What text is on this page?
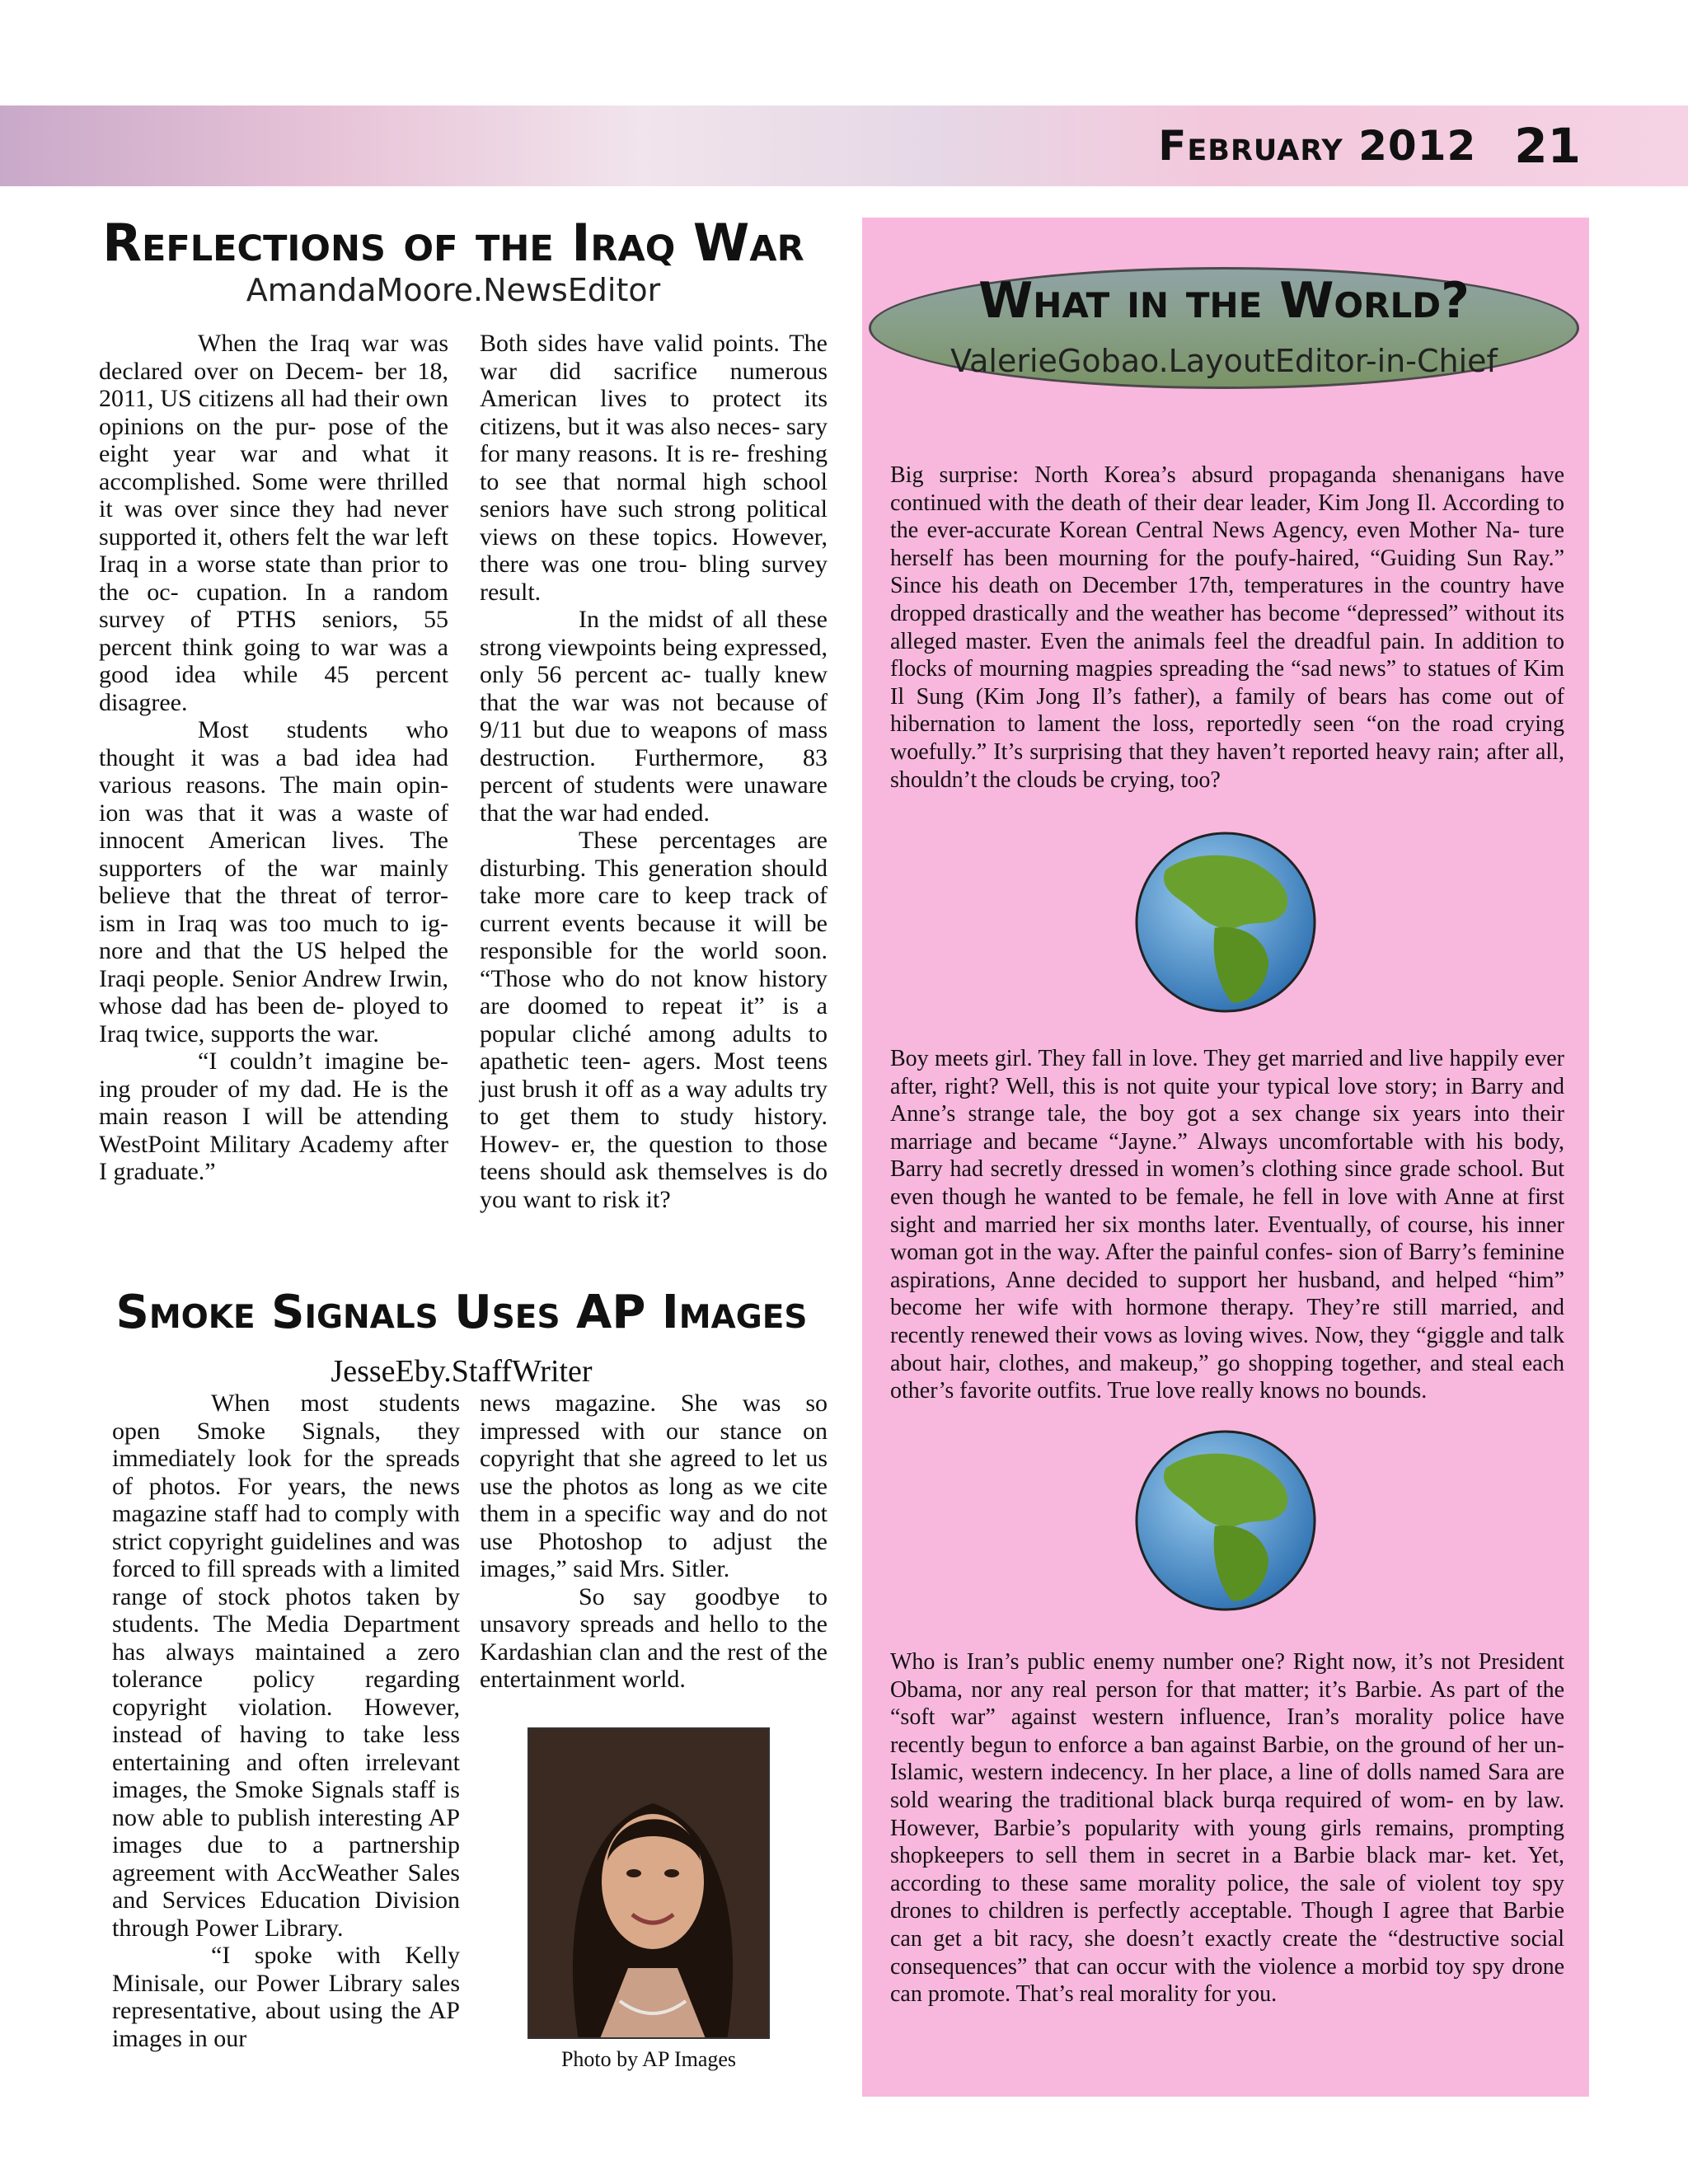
February 2012 21
Reflections of the Iraq War
AmandaMoore.NewsEditor

When the Iraq war was declared over on Decem- ber 18, 2011, US citizens all had their own opinions on the pur- pose of the eight year war and what it accomplished. Some were thrilled it was over since they had never supported it, others felt the war left Iraq in a worse state than prior to the oc- cupation. In a random survey of PTHS seniors, 55 percent think going to war was a good idea while 45 percent disagree.

Most students who thought it was a bad idea had various reasons. The main opin- ion was that it was a waste of innocent American lives. The supporters of the war mainly believe that the threat of terror- ism in Iraq was too much to ig- nore and that the US helped the Iraqi people. Senior Andrew Irwin, whose dad has been de- ployed to Iraq twice, supports the war.

“I couldn’t imagine be- ing prouder of my dad. He is the main reason I will be attending WestPoint Military Academy after I graduate.”

Both sides have valid points. The war did sacrifice numerous American lives to protect its citizens, but it was also neces- sary for many reasons. It is re- freshing to see that normal high school seniors have such strong political views on these topics. However, there was one trou- bling survey result.

In the midst of all these strong viewpoints being expressed, only 56 percent ac- tually knew that the war was not because of 9/11 but due to weapons of mass destruction. Furthermore, 83 percent of students were unaware that the war had ended.

These percentages are disturbing. This generation should take more care to keep track of current events because it will be responsible for the world soon. “Those who do not know history are doomed to repeat it” is a popular cliché among adults to apathetic teen- agers. Most teens just brush it off as a way adults try to get them to study history. Howev- er, the question to those teens should ask themselves is do you want to risk it?

Smoke Signals Uses AP Images
JesseEby.StaffWriter

When most students open Smoke Signals, they immediately look for the spreads of photos. For years, the news magazine staff had to comply with strict copyright guidelines and was forced to fill spreads with a limited range of stock photos taken by students. The Media Department has always maintained a zero tolerance policy regarding copyright violation. However, instead of having to take less entertaining and often irrelevant images, the Smoke Signals staff is now able to publish interesting AP images due to a partnership agreement with AccWeather Sales and Services Education Division through Power Library.

“I spoke with Kelly Minisale, our Power Library sales representative, about using the AP images in our

news magazine. She was so impressed with our stance on copyright that she agreed to let us use the photos as long as we cite them in a specific way and do not use Photoshop to adjust the images,” said Mrs. Sitler.

So say goodbye to unsavory spreads and hello to the Kardashian clan and the rest of the entertainment world.

Photo by AP Images
What in the World?
ValerieGobao.LayoutEditor-in-Chief

Big surprise: North Korea’s absurd propaganda shenanigans have continued with the death of their dear leader, Kim Jong Il. According to the ever-accurate Korean Central News Agency, even Mother Na- ture herself has been mourning for the poufy-haired, “Guiding Sun Ray.” Since his death on December 17th, temperatures in the country have dropped drastically and the weather has become “depressed” without its alleged master. Even the animals feel the dreadful pain. In addition to flocks of mourning magpies spreading the “sad news” to statues of Kim Il Sung (Kim Jong Il’s father), a family of bears has come out of hibernation to lament the loss, reportedly seen “on the road crying woefully.” It’s surprising that they haven’t reported heavy rain; after all, shouldn’t the clouds be crying, too?

Boy meets girl. They fall in love. They get married and live happily ever after, right? Well, this is not quite your typical love story; in Barry and Anne’s strange tale, the boy got a sex change six years into their marriage and became “Jayne.” Always uncomfortable with his body, Barry had secretly dressed in women’s clothing since grade school. But even though he wanted to be female, he fell in love with Anne at first sight and married her six months later. Eventually, of course, his inner woman got in the way. After the painful confes- sion of Barry’s feminine aspirations, Anne decided to support her husband, and helped “him” become her wife with hormone therapy. They’re still married, and recently renewed their vows as loving wives. Now, they “giggle and talk about hair, clothes, and makeup,” go shopping together, and steal each other’s favorite outfits. True love really knows no bounds.

Who is Iran’s public enemy number one? Right now, it’s not President Obama, nor any real person for that matter; it’s Barbie. As part of the “soft war” against western influence, Iran’s morality police have recently begun to enforce a ban against Barbie, on the ground of her un-Islamic, western indecency. In her place, a line of dolls named Sara are sold wearing the traditional black burqa required of wom- en by law. However, Barbie’s popularity with young girls remains, prompting shopkeepers to sell them in secret in a Barbie black mar- ket. Yet, according to these same morality police, the sale of violent toy spy drones to children is perfectly acceptable. Though I agree that Barbie can get a bit racy, she doesn’t exactly create the “destructive social consequences” that can occur with the violence a morbid toy spy drone can promote. That’s real morality for you.
